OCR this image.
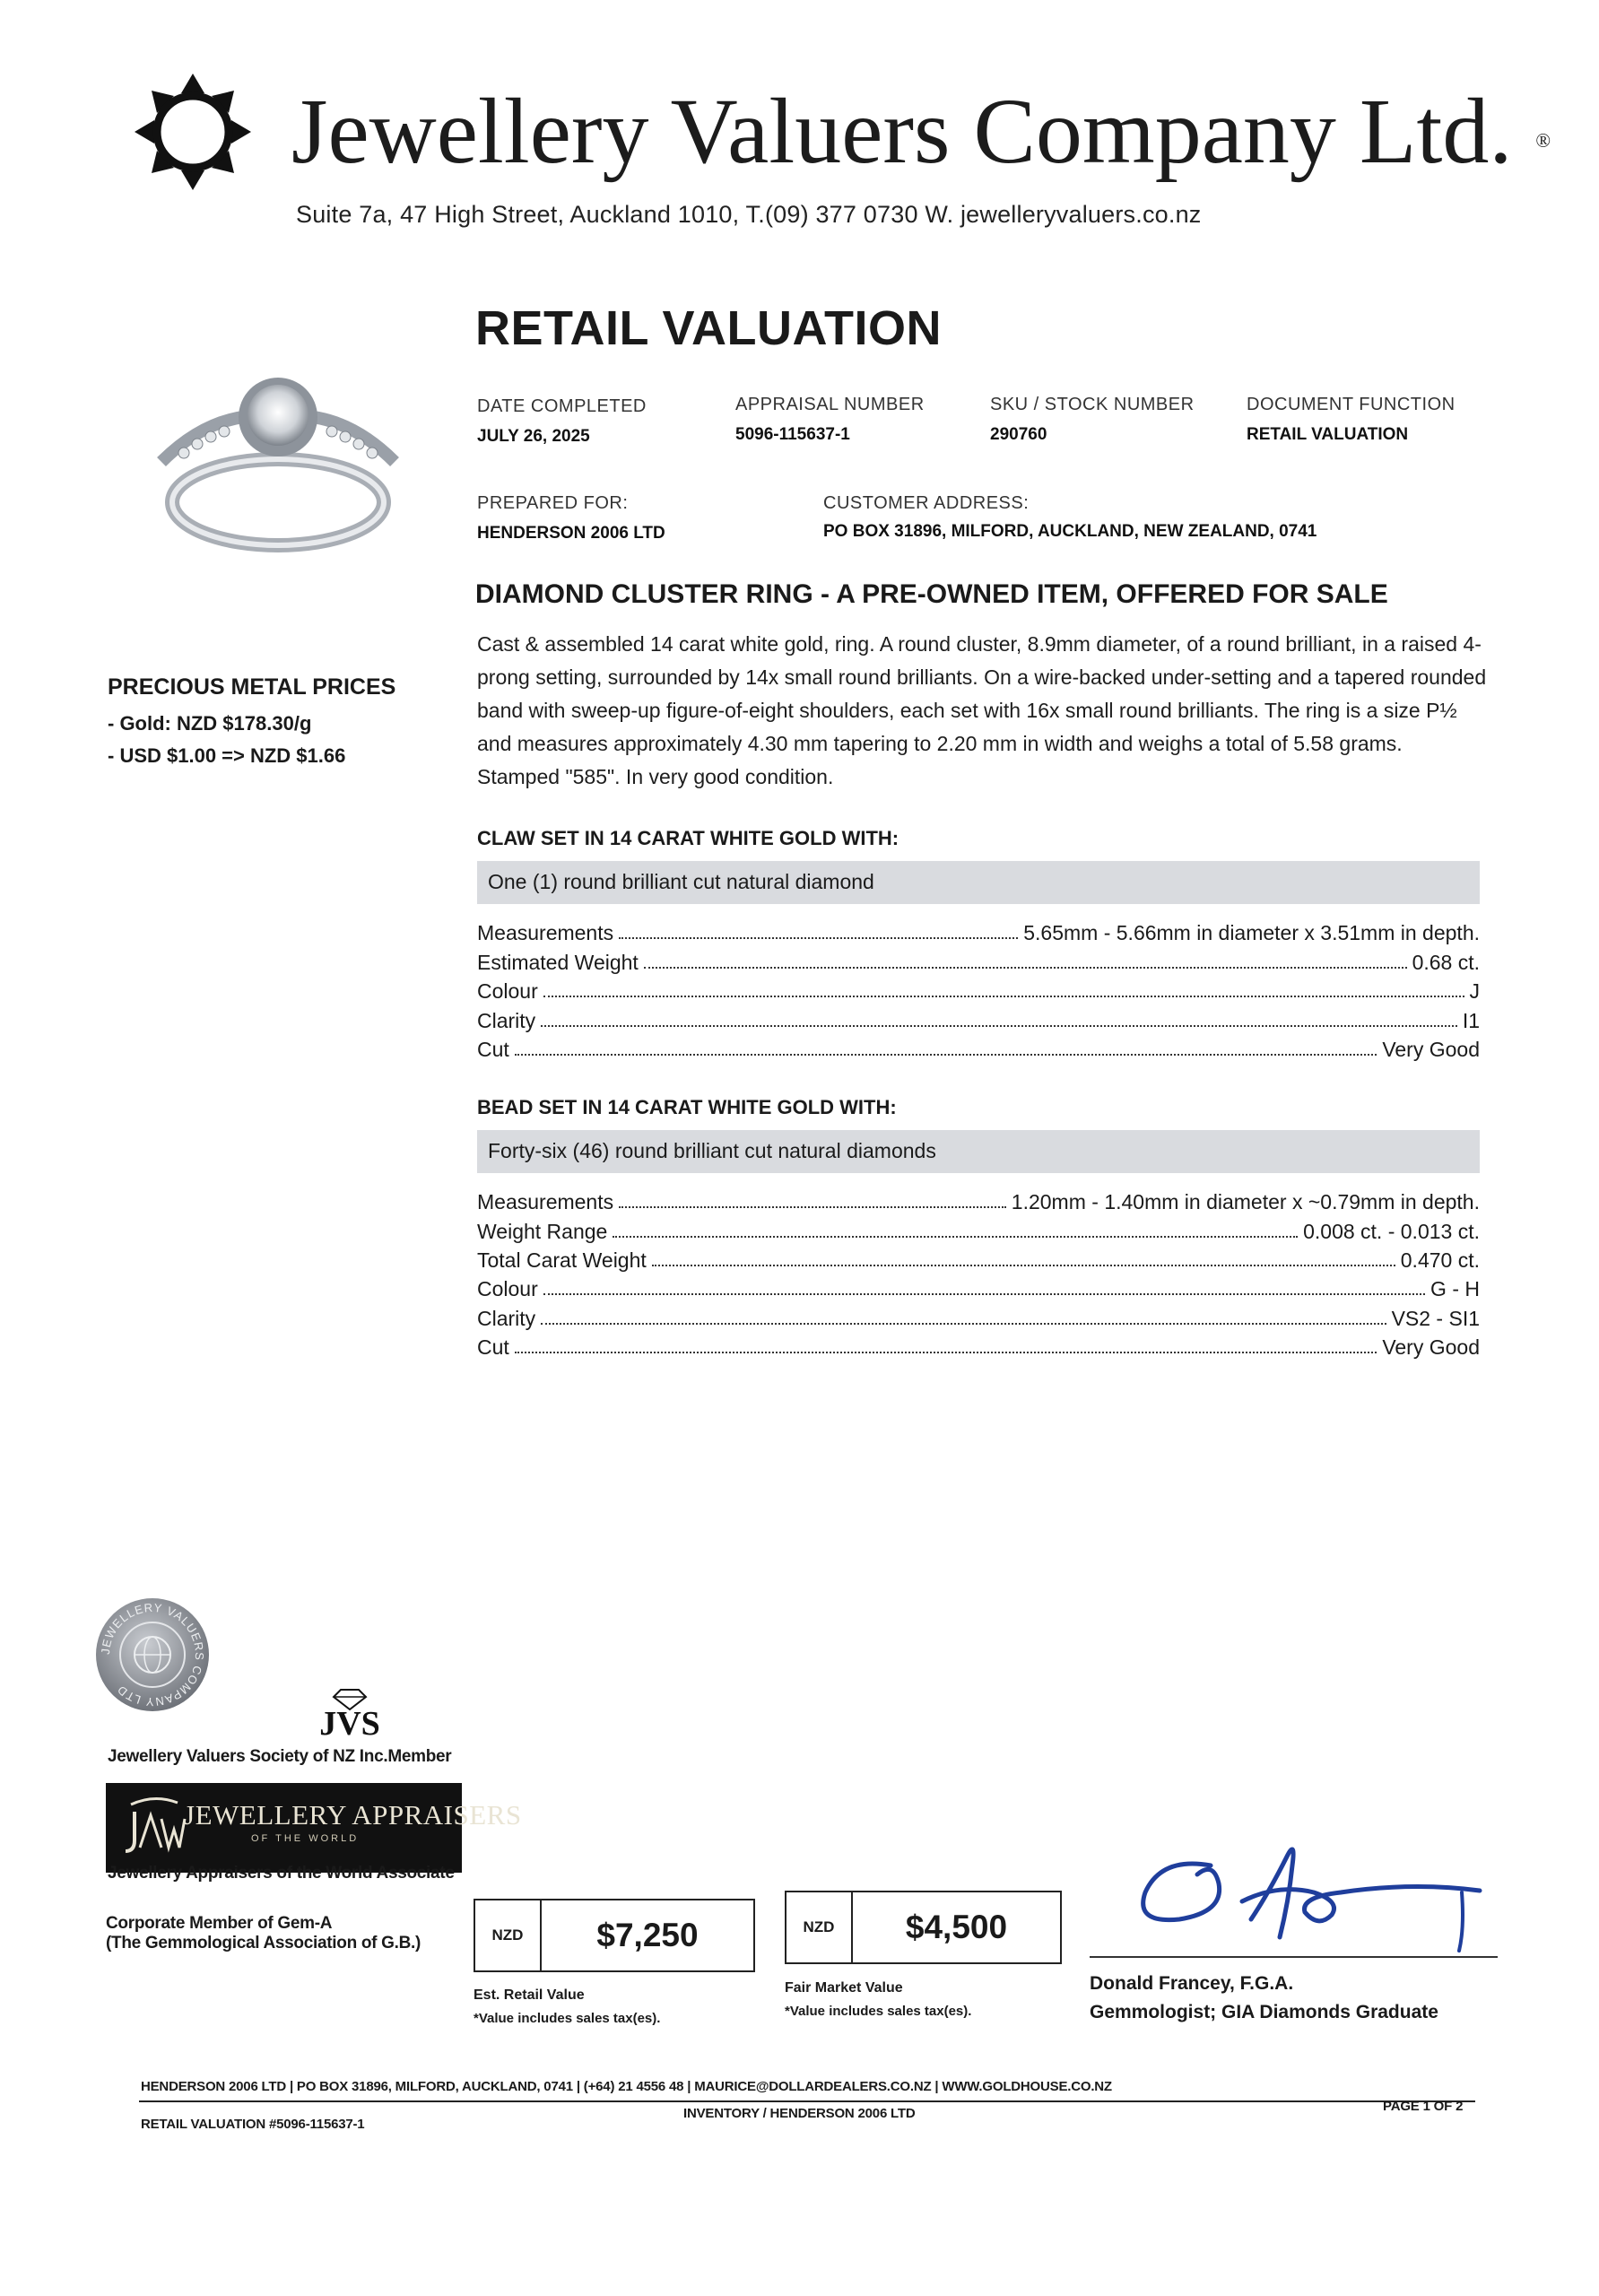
Jewellery Valuers Company Ltd. ®
Suite 7a, 47 High Street, Auckland 1010, T.(09) 377 0730 W. jewelleryvaluers.co.nz
RETAIL VALUATION
DATE COMPLETED
JULY 26, 2025
APPRAISAL NUMBER
5096-115637-1
SKU / STOCK NUMBER
290760
DOCUMENT FUNCTION
RETAIL VALUATION
PREPARED FOR:
HENDERSON 2006 LTD
CUSTOMER ADDRESS:
PO BOX 31896, MILFORD, AUCKLAND, NEW ZEALAND, 0741
PRECIOUS METAL PRICES
- Gold: NZD $178.30/g
- USD $1.00 => NZD $1.66
DIAMOND CLUSTER RING - A PRE-OWNED ITEM, OFFERED FOR SALE
Cast & assembled 14 carat white gold, ring. A round cluster, 8.9mm diameter, of a round brilliant, in a raised 4-prong setting, surrounded by 14x small round brilliants. On a wire-backed under-setting and a tapered rounded band with sweep-up figure-of-eight shoulders, each set with 16x small round brilliants. The ring is a size P½ and measures approximately 4.30 mm tapering to 2.20 mm in width and weighs a total of 5.58 grams. Stamped "585". In very good condition.
CLAW SET IN 14 CARAT WHITE GOLD WITH:
One (1) round brilliant cut natural diamond
Measurements	5.65mm - 5.66mm in diameter x 3.51mm in depth.
Estimated Weight	0.68 ct.
Colour	J
Clarity	I1
Cut	Very Good
BEAD SET IN 14 CARAT WHITE GOLD WITH:
Forty-six (46) round brilliant cut natural diamonds
Measurements	1.20mm - 1.40mm in diameter x ~0.79mm in depth.
Weight Range	0.008 ct. - 0.013 ct.
Total Carat Weight	0.470 ct.
Colour	G - H
Clarity	VS2 - SI1
Cut	Very Good
JEWELLERY VALUERS COMPANY LTD
JVS
Jewellery Valuers Society of NZ Inc.Member
JEWELLERY APPRAISERS
OF THE WORLD
Jewellery Appraisers of the World Associate
Corporate Member of Gem-A
(The Gemmological Association of G.B.)	NZD	$7,250
Est. Retail Value
*Value includes sales tax(es).
NZD	$4,500
Fair Market Value
*Value includes sales tax(es).
Donald Francey, F.G.A.
Gemmologist; GIA Diamonds Graduate
HENDERSON 2006 LTD | PO BOX 31896, MILFORD, AUCKLAND, 0741 | (+64) 21 4556 48 | MAURICE@DOLLARDEALERS.CO.NZ | WWW.GOLDHOUSE.CO.NZ
RETAIL VALUATION #5096-115637-1
INVENTORY / HENDERSON 2006 LTD	PAGE 1 OF 2
